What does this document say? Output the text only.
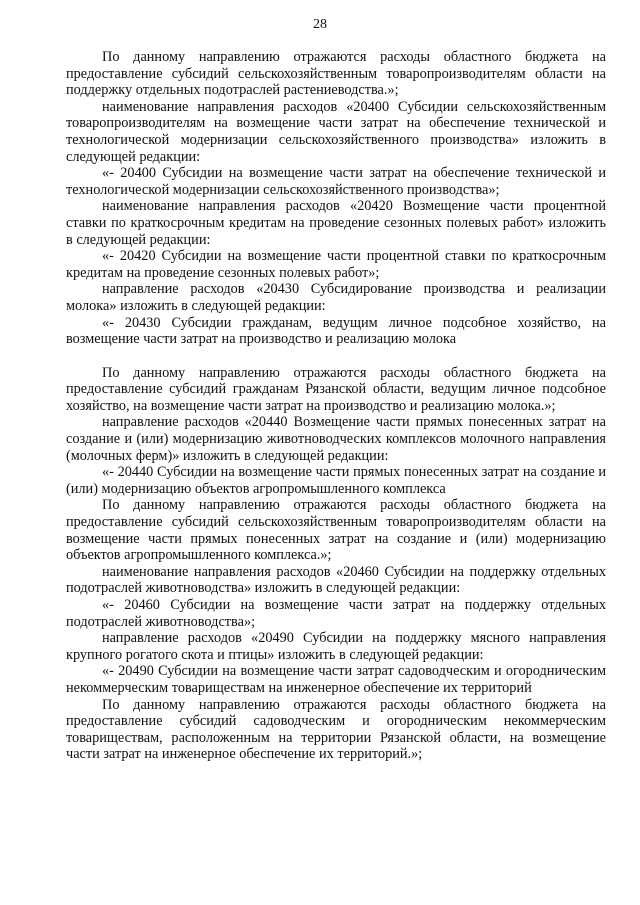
28

По данному направлению отражаются расходы областного бюджета на предоставление субсидий сельскохозяйственным товаропроизводителям области на поддержку отдельных подотраслей растениеводства.»;

наименование направления расходов «20400 Субсидии сельскохозяйственным товаропроизводителям на возмещение части затрат на обеспечение технической и технологической модернизации сельскохозяйственного производства» изложить в следующей редакции:

«- 20400 Субсидии на возмещение части затрат на обеспечение технической и технологической модернизации сельскохозяйственного производства»;

наименование направления расходов «20420 Возмещение части процентной ставки по краткосрочным кредитам на проведение сезонных полевых работ» изложить в следующей редакции:

«- 20420 Субсидии на возмещение части процентной ставки по краткосрочным кредитам на проведение сезонных полевых работ»;

направление расходов «20430 Субсидирование производства и реализации молока» изложить в следующей редакции:

«- 20430 Субсидии гражданам, ведущим личное подсобное хозяйство, на возмещение части затрат на производство и реализацию молока

По данному направлению отражаются расходы областного бюджета на предоставление субсидий гражданам Рязанской области, ведущим личное подсобное хозяйство, на возмещение части затрат на производство и реализацию молока.»;

направление расходов «20440 Возмещение части прямых понесенных затрат на создание и (или) модернизацию животноводческих комплексов молочного направления (молочных ферм)» изложить в следующей редакции:

«- 20440 Субсидии на возмещение части прямых понесенных затрат на создание и (или) модернизацию объектов агропромышленного комплекса

По данному направлению отражаются расходы областного бюджета на предоставление субсидий сельскохозяйственным товаропроизводителям области на возмещение части прямых понесенных затрат на создание и (или) модернизацию объектов агропромышленного комплекса.»;

наименование направления расходов «20460 Субсидии на поддержку отдельных подотраслей животноводства» изложить в следующей редакции:

«- 20460 Субсидии на возмещение части затрат на поддержку отдельных подотраслей животноводства»;

направление расходов «20490 Субсидии на поддержку мясного направления крупного рогатого скота и птицы» изложить в следующей редакции:

«- 20490 Субсидии на возмещение части затрат садоводческим и огородническим некоммерческим товариществам на инженерное обеспечение их территорий

По данному направлению отражаются расходы областного бюджета на предоставление субсидий садоводческим и огородническим некоммерческим товариществам, расположенным на территории Рязанской области, на возмещение части затрат на инженерное обеспечение их территорий.»;
